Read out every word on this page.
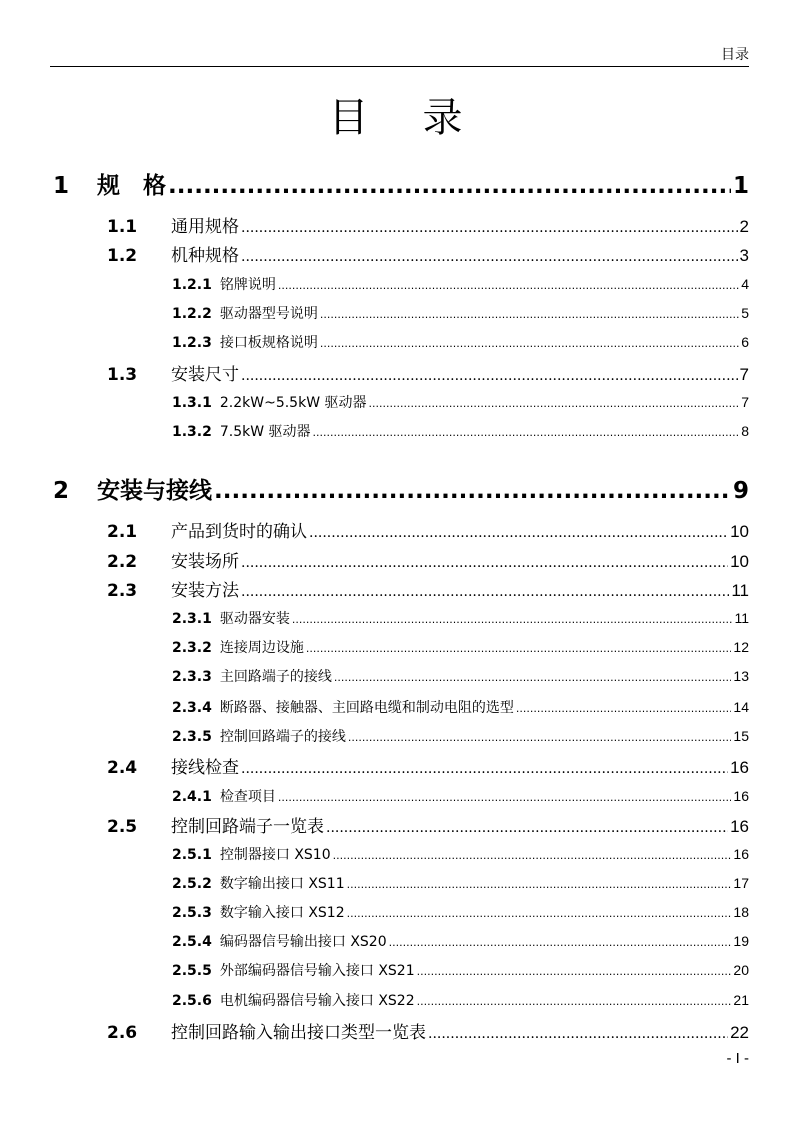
目录
目录
1	规　格 .....	1
1.1	通用规格 .....	2
1.2	机种规格 .....	3
1.2.1 铭牌说明 .....	4
1.2.2 驱动器型号说明 .....	5
1.2.3 接口板规格说明 .....	6
1.3	安装尺寸 .....	7
1.3.1 2.2kW~5.5kW 驱动器 .....	7
1.3.2 7.5kW 驱动器 .....	8
2	安装与接线 .....	9
2.1	产品到货时的确认 .....	10
2.2	安装场所 .....	10
2.3	安装方法 .....	11
2.3.1 驱动器安装 .....	11
2.3.2 连接周边设施 .....	12
2.3.3 主回路端子的接线 .....	13
2.3.4 断路器、接触器、主回路电缆和制动电阻的选型 .....	14
2.3.5 控制回路端子的接线 .....	15
2.4	接线检查 .....	16
2.4.1 检查项目 .....	16
2.5	控制回路端子一览表 .....	16
2.5.1 控制器接口 XS10 .....	16
2.5.2 数字输出接口 XS11 .....	17
2.5.3 数字输入接口 XS12 .....	18
2.5.4 编码器信号输出接口 XS20 .....	19
2.5.5 外部编码器信号输入接口 XS21 .....	20
2.5.6 电机编码器信号输入接口 XS22 .....	21
2.6	控制回路输入输出接口类型一览表 .....	22
- I -
